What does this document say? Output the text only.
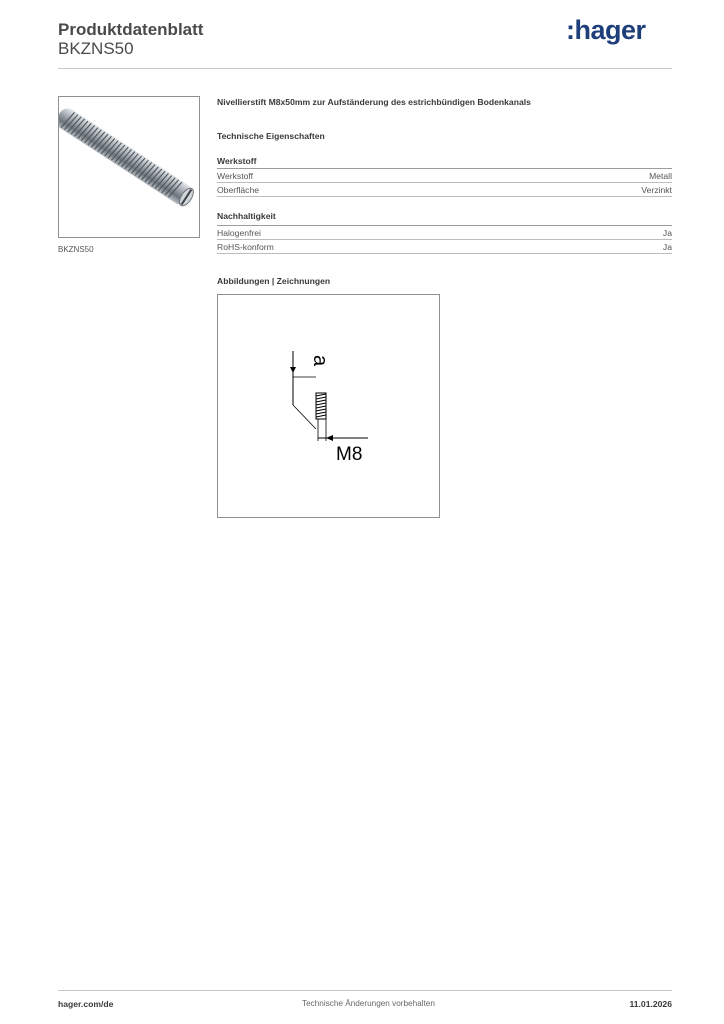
Produktdatenblatt
BKZNS50
:hager
BKZNS50
Nivellierstift M8x50mm zur Aufständerung des estrichbündigen Bodenkanals
Technische Eigenschaften
Werkstoff
Werkstoff	Metall
Oberfläche	Verzinkt
Nachhaltigkeit
Halogenfrei	Ja
RoHS-konform	Ja
Abbildungen | Zeichnungen
a
M8
hager.com/de	Technische Änderungen vorbehalten	11.01.2026
